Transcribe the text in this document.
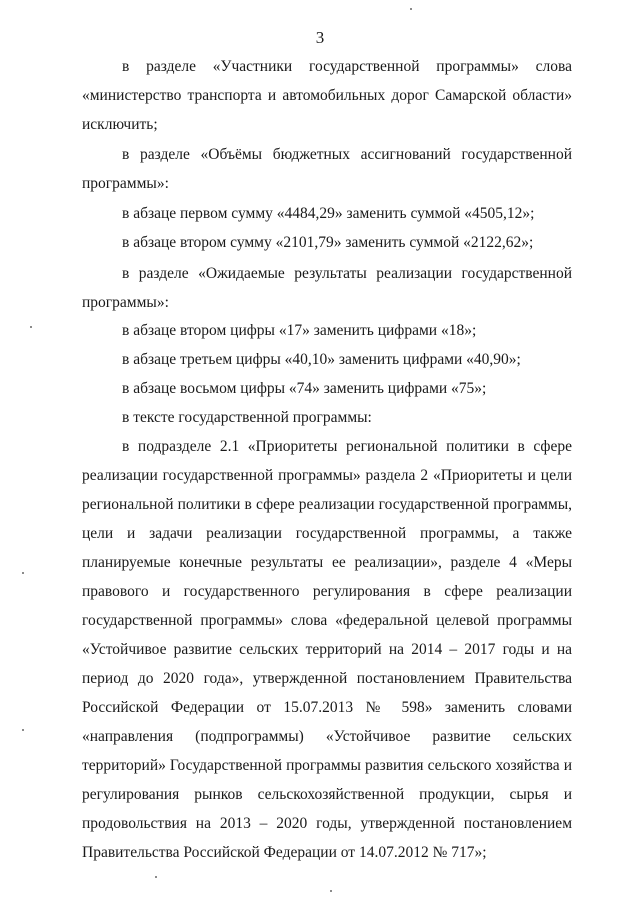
3
в разделе «Участники государственной программы» слова
«министерство транспорта и автомобильных дорог Самарской области»
исключить;
в разделе «Объёмы бюджетных ассигнований государственной
программы»:
в абзаце первом сумму «4484,29» заменить суммой «4505,12»;
в абзаце втором сумму «2101,79» заменить суммой «2122,62»;
в разделе «Ожидаемые результаты реализации государственной
программы»:
в абзаце втором цифры «17» заменить цифрами «18»;
в абзаце третьем цифры «40,10» заменить цифрами «40,90»;
в абзаце восьмом цифры «74» заменить цифрами «75»;
в тексте государственной программы:
в подразделе 2.1 «Приоритеты региональной политики в сфере
реализации государственной программы» раздела 2 «Приоритеты и цели
региональной политики в сфере реализации государственной программы,
цели и задачи реализации государственной программы, а также
планируемые конечные результаты ее реализации», разделе 4 «Меры
правового и государственного регулирования в сфере реализации
государственной программы» слова «федеральной целевой программы
«Устойчивое развитие сельских территорий на 2014 – 2017 годы и на
период до 2020 года», утвержденной постановлением Правительства
Российской Федерации от 15.07.2013 № 598» заменить словами
«направления (подпрограммы) «Устойчивое развитие сельских
территорий» Государственной программы развития сельского хозяйства и
регулирования рынков сельскохозяйственной продукции, сырья и
продовольствия на 2013 – 2020 годы, утвержденной постановлением
Правительства Российской Федерации от 14.07.2012 № 717»;
